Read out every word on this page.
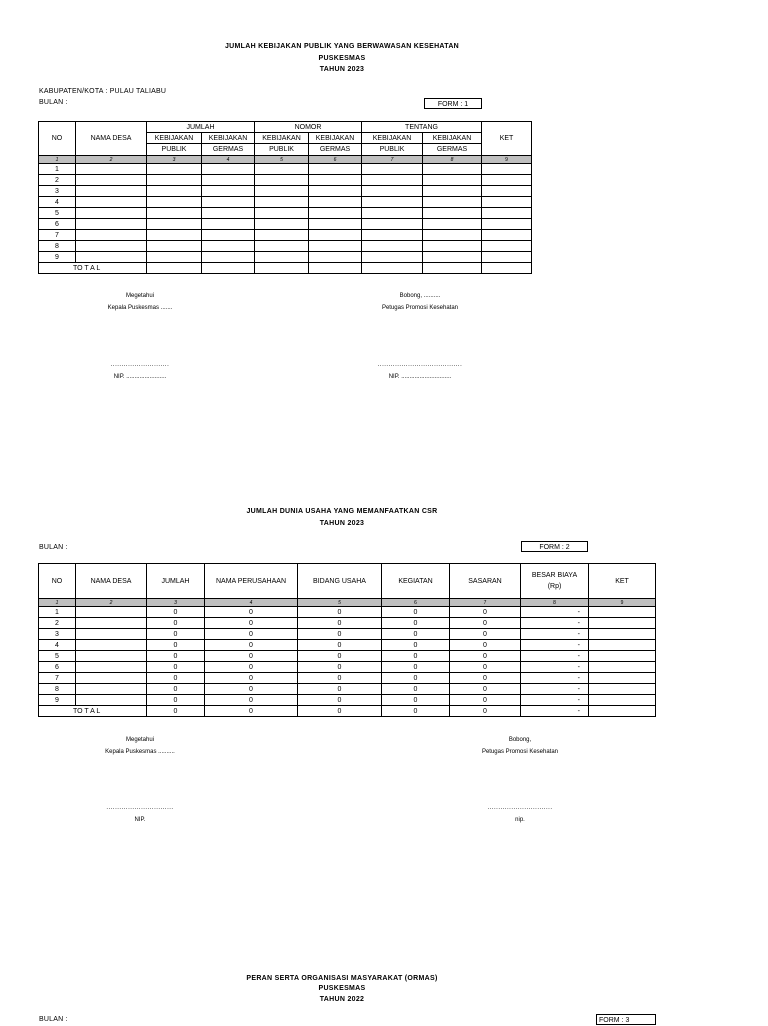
JUMLAH KEBIJAKAN PUBLIK YANG BERWAWASAN KESEHATAN
PUSKESMAS
TAHUN 2023
KABUPATEN/KOTA : PULAU TALIABU
BULAN :	FORM : 1
NO	NAMA DESA	JUMLAH		NOMOR		TENTANG		KET
		KEBIJAKAN	KEBIJAKAN	KEBIJAKAN	KEBIJAKAN	KEBIJAKAN	KEBIJAKAN	
		PUBLIK	GERMAS	PUBLIK	GERMAS	PUBLIK	GERMAS	
1	2	3	4	5	6	7	8	9
1								
2								
3								
4								
5								
6								
7								
8								
9								
TO T A L								
Megetahui
Kepala Puskesmas .......
...........................
NIP. ........................
Bobong, ..........
Petugas Promosi Kesehatan
.......................................
NIP. ..............................
JUMLAH DUNIA USAHA YANG MEMANFAATKAN CSR
TAHUN 2023
BULAN :	FORM : 2
NO	NAMA DESA	JUMLAH	NAMA PERUSAHAAN	BIDANG USAHA	KEGIATAN	SASARAN	BESAR BIAYA
(Rp)	KET
1	2	3	4	5	6	7	8	9
1		0	0	0	0	0	-	
2		0	0	0	0	0	-	
3		0	0	0	0	0	-	
4		0	0	0	0	0	-	
5		0	0	0	0	0	-	
6		0	0	0	0	0	-	
7		0	0	0	0	0	-	
8		0	0	0	0	0	-	
9		0	0	0	0	0	-	
TO T A L		0	0	0	0	0	-	
Megetahui
Kepala Puskesmas ..........
...............................
NIP.
Bobong,
Petugas Promosi Kesehatan
..............................
nip.
PERAN SERTA ORGANISASI MASYARAKAT (ORMAS)
PUSKESMAS
TAHUN 2022
BULAN :	FORM : 3
